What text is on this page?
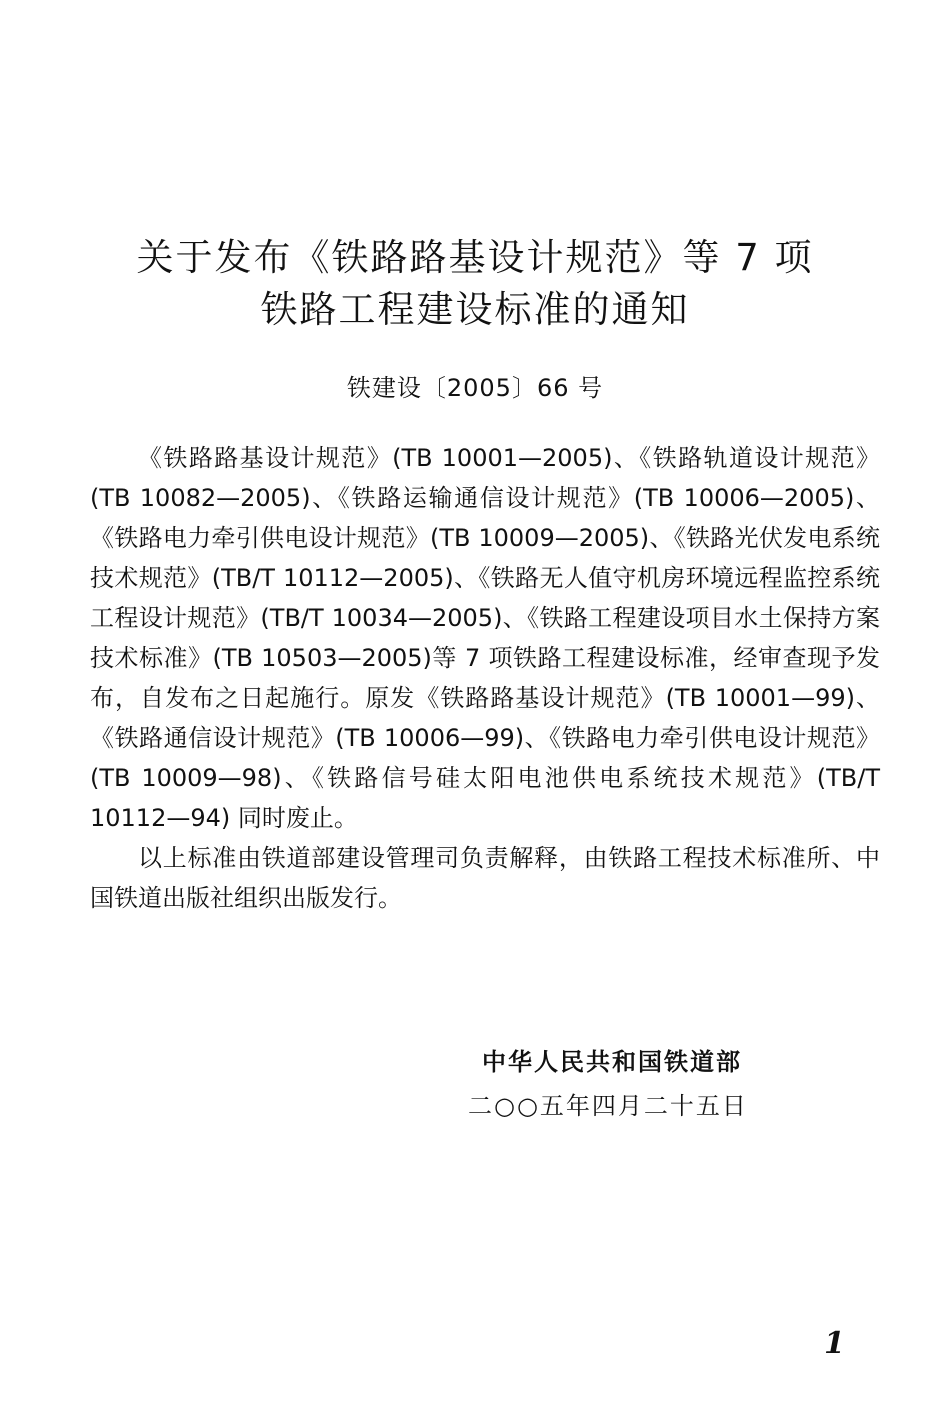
关于发布《铁路路基设计规范》等 7 项
铁路工程建设标准的通知
铁建设〔2005〕66 号

《铁路路基设计规范》(TB 10001—2005)、《铁路轨道设计规范》(TB 10082—2005)、《铁路运输通信设计规范》(TB 10006—2005)、《铁路电力牵引供电设计规范》(TB 10009—2005)、《铁路光伏发电系统技术规范》(TB/T 10112—2005)、《铁路无人值守机房环境远程监控系统工程设计规范》(TB/T 10034—2005)、《铁路工程建设项目水土保持方案技术标准》(TB 10503—2005)等 7 项铁路工程建设标准，经审查现予发布，自发布之日起施行。原发《铁路路基设计规范》(TB 10001—99)、《铁路通信设计规范》(TB 10006—99)、《铁路电力牵引供电设计规范》(TB 10009—98)、《铁路信号硅太阳电池供电系统技术规范》(TB/T 10112—94) 同时废止。

以上标准由铁道部建设管理司负责解释，由铁路工程技术标准所、中国铁道出版社组织出版发行。

中华人民共和国铁道部
二○○五年四月二十五日
1
